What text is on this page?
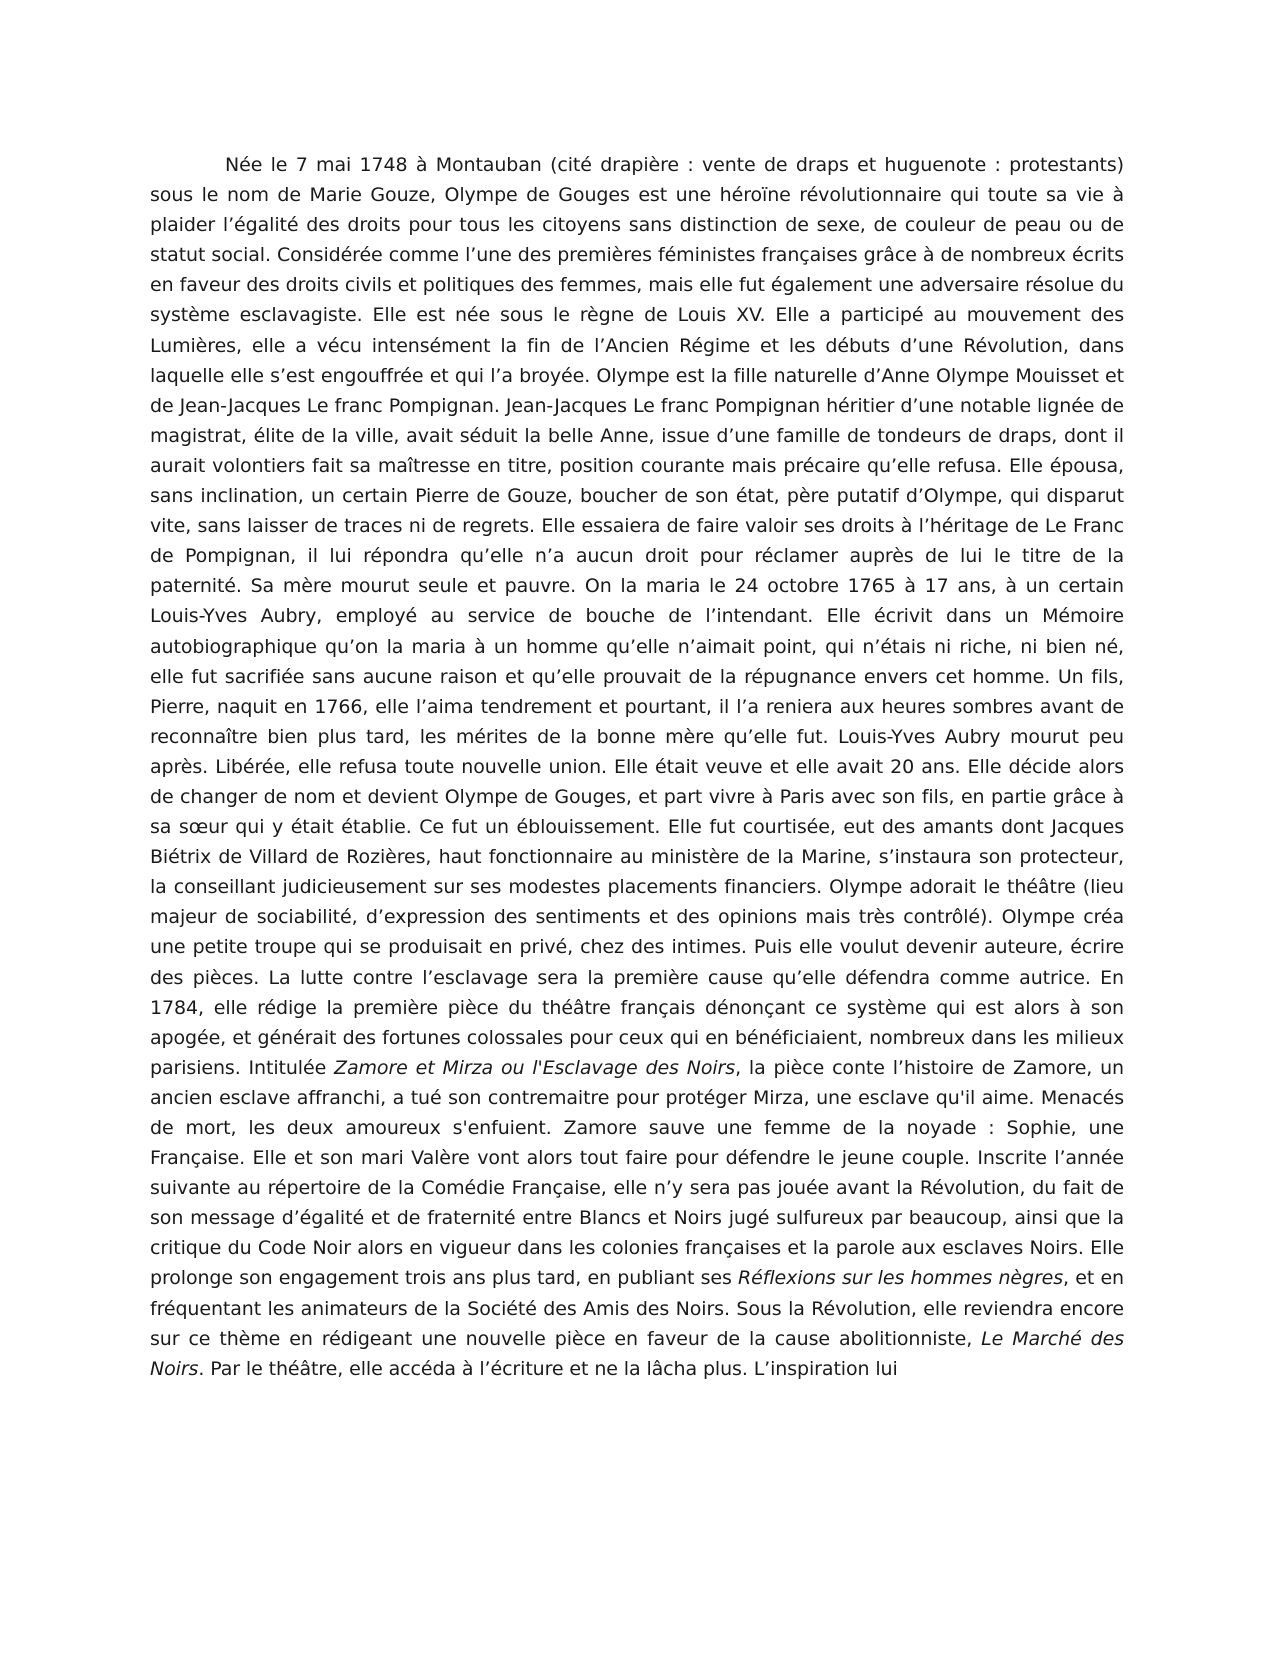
Née le 7 mai 1748 à Montauban (cité drapière : vente de draps et huguenote : protestants) sous le nom de Marie Gouze, Olympe de Gouges est une héroïne révolutionnaire qui toute sa vie à plaider l’égalité des droits pour tous les citoyens sans distinction de sexe, de couleur de peau ou de statut social. Considérée comme l’une des premières féministes françaises grâce à de nombreux écrits en faveur des droits civils et politiques des femmes, mais elle fut également une adversaire résolue du système esclavagiste. Elle est née sous le règne de Louis XV. Elle a participé au mouvement des Lumières, elle a vécu intensément la fin de l’Ancien Régime et les débuts d’une Révolution, dans laquelle elle s’est engouffrée et qui l’a broyée. Olympe est la fille naturelle d’Anne Olympe Mouisset et de Jean-Jacques Le franc Pompignan. Jean-Jacques Le franc Pompignan héritier d’une notable lignée de magistrat, élite de la ville, avait séduit la belle Anne, issue d’une famille de tondeurs de draps, dont il aurait volontiers fait sa maîtresse en titre, position courante mais précaire qu’elle refusa. Elle épousa, sans inclination, un certain Pierre de Gouze, boucher de son état, père putatif d’Olympe, qui disparut vite, sans laisser de traces ni de regrets. Elle essaiera de faire valoir ses droits à l’héritage de Le Franc de Pompignan, il lui répondra qu’elle n’a aucun droit pour réclamer auprès de lui le titre de la paternité. Sa mère mourut seule et pauvre. On la maria le 24 octobre 1765 à 17 ans, à un certain Louis-Yves Aubry, employé au service de bouche de l’intendant. Elle écrivit dans un Mémoire autobiographique qu’on la maria à un homme qu’elle n’aimait point, qui n’étais ni riche, ni bien né, elle fut sacrifiée sans aucune raison et qu’elle prouvait de la répugnance envers cet homme. Un fils, Pierre, naquit en 1766, elle l’aima tendrement et pourtant, il l’a reniera aux heures sombres avant de reconnaître bien plus tard, les mérites de la bonne mère qu’elle fut. Louis-Yves Aubry mourut peu après. Libérée, elle refusa toute nouvelle union. Elle était veuve et elle avait 20 ans. Elle décide alors de changer de nom et devient Olympe de Gouges, et part vivre à Paris avec son fils, en partie grâce à sa sœur qui y était établie. Ce fut un éblouissement. Elle fut courtisée, eut des amants dont Jacques Biétrix de Villard de Rozières, haut fonctionnaire au ministère de la Marine, s’instaura son protecteur, la conseillant judicieusement sur ses modestes placements financiers. Olympe adorait le théâtre (lieu majeur de sociabilité, d’expression des sentiments et des opinions mais très contrôlé). Olympe créa une petite troupe qui se produisait en privé, chez des intimes. Puis elle voulut devenir auteure, écrire des pièces. La lutte contre l’esclavage sera la première cause qu’elle défendra comme autrice. En 1784, elle rédige la première pièce du théâtre français dénonçant ce système qui est alors à son apogée, et générait des fortunes colossales pour ceux qui en bénéficiaient, nombreux dans les milieux parisiens. Intitulée Zamore et Mirza ou l'Esclavage des Noirs, la pièce conte l’histoire de Zamore, un ancien esclave affranchi, a tué son contremaitre pour protéger Mirza, une esclave qu'il aime. Menacés de mort, les deux amoureux s'enfuient. Zamore sauve une femme de la noyade : Sophie, une Française. Elle et son mari Valère vont alors tout faire pour défendre le jeune couple. Inscrite l’année suivante au répertoire de la Comédie Française, elle n’y sera pas jouée avant la Révolution, du fait de son message d’égalité et de fraternité entre Blancs et Noirs jugé sulfureux par beaucoup, ainsi que la critique du Code Noir alors en vigueur dans les colonies françaises et la parole aux esclaves Noirs. Elle prolonge son engagement trois ans plus tard, en publiant ses Réflexions sur les hommes nègres, et en fréquentant les animateurs de la Société des Amis des Noirs. Sous la Révolution, elle reviendra encore sur ce thème en rédigeant une nouvelle pièce en faveur de la cause abolitionniste, Le Marché des Noirs. Par le théâtre, elle accéda à l’écriture et ne la lâcha plus. L’inspiration lui
